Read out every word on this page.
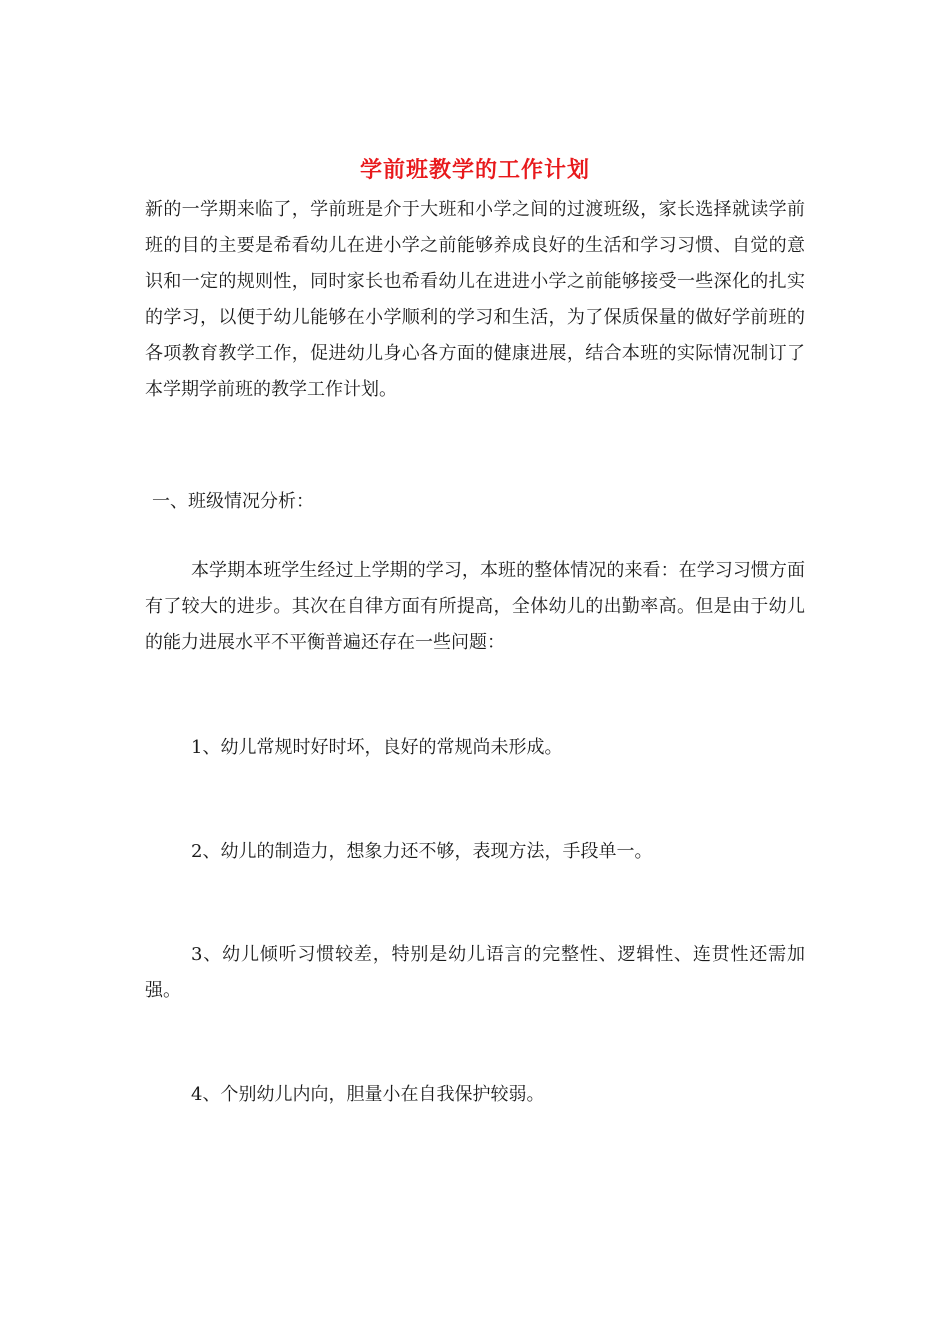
学前班教学的工作计划

新的一学期来临了，学前班是介于大班和小学之间的过渡班级，家长选择就读学前班的目的主要是希看幼儿在进小学之前能够养成良好的生活和学习习惯、自觉的意识和一定的规则性，同时家长也希看幼儿在进进小学之前能够接受一些深化的扎实的学习，以便于幼儿能够在小学顺利的学习和生活，为了保质保量的做好学前班的各项教育教学工作，促进幼儿身心各方面的健康进展，结合本班的实际情况制订了本学期学前班的教学工作计划。

一、班级情况分析：

本学期本班学生经过上学期的学习，本班的整体情况的来看：在学习习惯方面有了较大的进步。其次在自律方面有所提高，全体幼儿的出勤率高。但是由于幼儿的能力进展水平不平衡普遍还存在一些问题：

1、幼儿常规时好时坏，良好的常规尚未形成。

2、幼儿的制造力，想象力还不够，表现方法，手段单一。

3、幼儿倾听习惯较差，特别是幼儿语言的完整性、逻辑性、连贯性还需加强。

4、个别幼儿内向，胆量小在自我保护较弱。
